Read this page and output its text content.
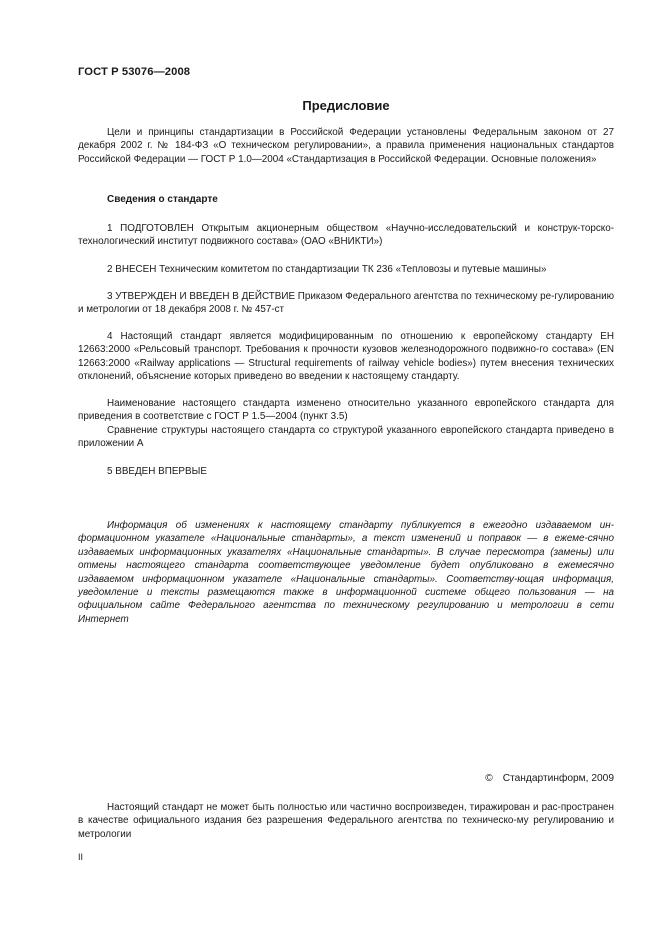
ГОСТ Р 53076—2008
Предисловие

Цели и принципы стандартизации в Российской Федерации установлены Федеральным законом от 27 декабря 2002 г. № 184-ФЗ «О техническом регулировании», а правила применения национальных стандартов Российской Федерации — ГОСТ Р 1.0—2004 «Стандартизация в Российской Федерации. Основные положения»

Сведения о стандарте

1 ПОДГОТОВЛЕН Открытым акционерным обществом «Научно-исследовательский и конструк-торско-технологический институт подвижного состава» (ОАО «ВНИКТИ»)

2 ВНЕСЕН Техническим комитетом по стандартизации ТК 236 «Тепловозы и путевые машины»

3 УТВЕРЖДЕН И ВВЕДЕН В ДЕЙСТВИЕ Приказом Федерального агентства по техническому ре-гулированию и метрологии от 18 декабря 2008 г. № 457-ст

4 Настоящий стандарт является модифицированным по отношению к европейскому стандарту ЕН 12663:2000 «Рельсовый транспорт. Требования к прочности кузовов железнодорожного подвижно-го состава» (EN 12663:2000 «Railway applications — Structural requirements of railway vehicle bodies») путем внесения технических отклонений, объяснение которых приведено во введении к настоящему стандарту.

Наименование настоящего стандарта изменено относительно указанного европейского стандарта для приведения в соответствие с ГОСТ Р 1.5—2004 (пункт 3.5)

Сравнение структуры настоящего стандарта со структурой указанного европейского стандарта приведено в приложении А

5 ВВЕДЕН ВПЕРВЫЕ

Информация об изменениях к настоящему стандарту публикуется в ежегодно издаваемом ин-формационном указателе «Национальные стандарты», а текст изменений и поправок — в ежеме-сячно издаваемых информационных указателях «Национальные стандарты». В случае пересмотра (замены) или отмены настоящего стандарта соответствующее уведомление будет опубликовано в ежемесячно издаваемом информационном указателе «Национальные стандарты». Соответству-ющая информация, уведомление и тексты размещаются также в информационной системе общего пользования — на официальном сайте Федерального агентства по техническому регулированию и метрологии в сети Интернет

© Стандартинформ, 2009

Настоящий стандарт не может быть полностью или частично воспроизведен, тиражирован и рас-пространен в качестве официального издания без разрешения Федерального агентства по техническо-му регулированию и метрологии

II
